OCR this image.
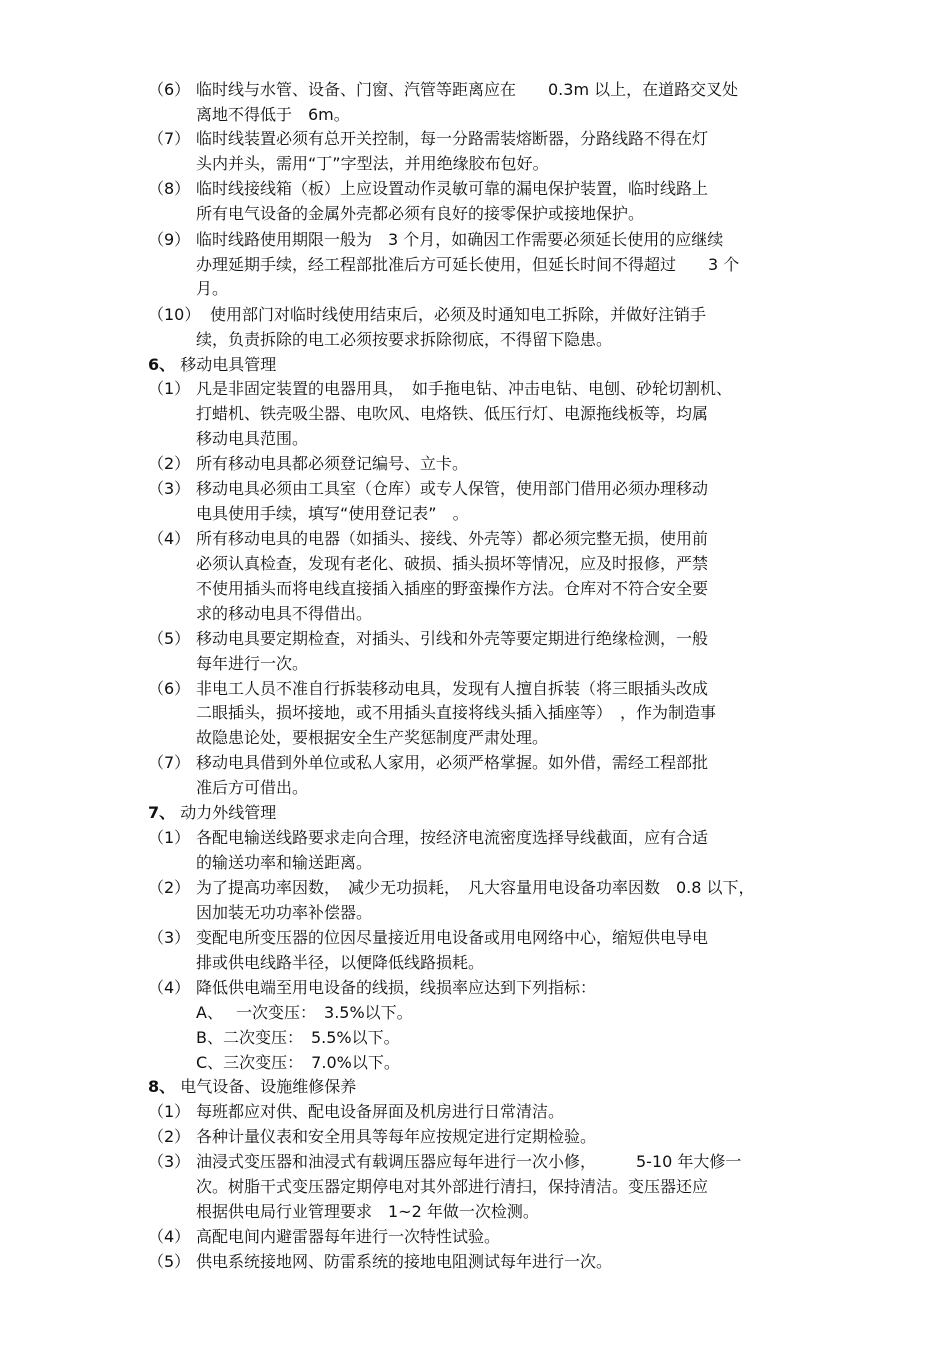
（6） 临时线与水管、设备、门窗、汽管等距离应在　　0.3m 以上，在道路交叉处
离地不得低于　6m。
（7） 临时线装置必须有总开关控制，每一分路需装熔断器，分路线路不得在灯
头内并头，需用“丁”字型法，并用绝缘胶布包好。
（8） 临时线接线箱（板）上应设置动作灵敏可靠的漏电保护装置，临时线路上
所有电气设备的金属外壳都必须有良好的接零保护或接地保护。
（9） 临时线路使用期限一般为　3 个月，如确因工作需要必须延长使用的应继续
办理延期手续，经工程部批准后方可延长使用，但延长时间不得超过　　3 个
月。
（10） 使用部门对临时线使用结束后，必须及时通知电工拆除，并做好注销手
续，负责拆除的电工必须按要求拆除彻底，不得留下隐患。
6、 移动电具管理
（1） 凡是非固定装置的电器用具，　如手拖电钻、冲击电钻、电刨、砂轮切割机、
打蜡机、铁壳吸尘器、电吹风、电烙铁、低压行灯、电源拖线板等，均属
移动电具范围。
（2） 所有移动电具都必须登记编号、立卡。
（3） 移动电具必须由工具室（仓库）或专人保管，使用部门借用必须办理移动
电具使用手续，填写“使用登记表”　。
（4） 所有移动电具的电器（如插头、接线、外壳等）都必须完整无损，使用前
必须认真检查，发现有老化、破损、插头损坏等情况，应及时报修，严禁
不使用插头而将电线直接插入插座的野蛮操作方法。仓库对不符合安全要
求的移动电具不得借出。
（5） 移动电具要定期检查，对插头、引线和外壳等要定期进行绝缘检测，一般
每年进行一次。
（6） 非电工人员不准自行拆装移动电具，发现有人擅自拆装（将三眼插头改成
二眼插头，损坏接地，或不用插头直接将线头插入插座等）　，作为制造事
故隐患论处，要根据安全生产奖惩制度严肃处理。
（7） 移动电具借到外单位或私人家用，必须严格掌握。如外借，需经工程部批
准后方可借出。
7、 动力外线管理
（1） 各配电输送线路要求走向合理，按经济电流密度选择导线截面，应有合适
的输送功率和输送距离。
（2） 为了提高功率因数，　减少无功损耗，　凡大容量用电设备功率因数　0.8 以下，
因加装无功功率补偿器。
（3） 变配电所变压器的位因尽量接近用电设备或用电网络中心，缩短供电导电
排或供电线路半径，以便降低线路损耗。
（4） 降低供电端至用电设备的线损，线损率应达到下列指标：
A、　 一次变压：　3.5%以下。
B、二次变压：　5.5%以下。
C、三次变压：　7.0%以下。
8、 电气设备、设施维修保养
（1） 每班都应对供、配电设备屏面及机房进行日常清洁。
（2） 各种计量仪表和安全用具等每年应按规定进行定期检验。
（3） 油浸式变压器和油浸式有载调压器应每年进行一次小修，　　　5-10 年大修一
次。树脂干式变压器定期停电对其外部进行清扫，保持清洁。变压器还应
根据供电局行业管理要求　1~2 年做一次检测。
（4） 高配电间内避雷器每年进行一次特性试验。
（5） 供电系统接地网、防雷系统的接地电阻测试每年进行一次。
